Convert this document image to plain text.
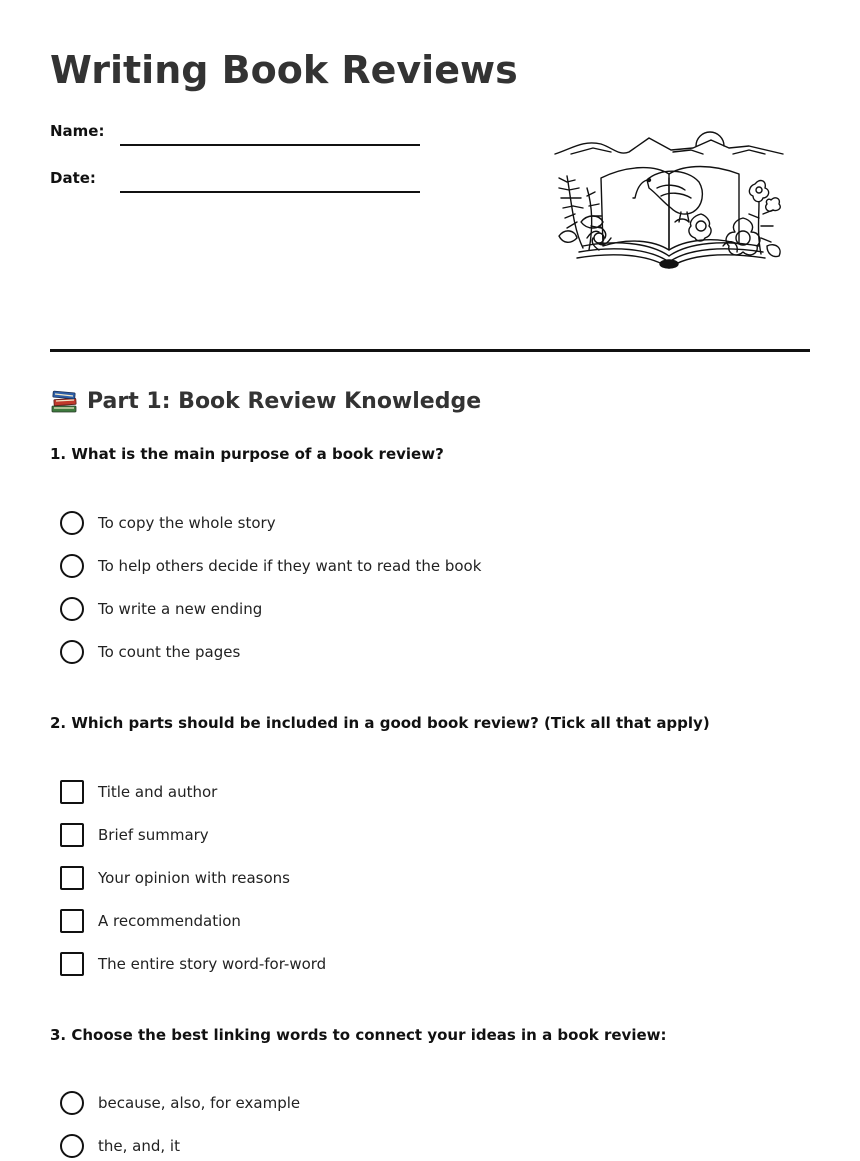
Writing Book Reviews
Name:
Date:
Part 1: Book Review Knowledge
1. What is the main purpose of a book review?
To copy the whole story
To help others decide if they want to read the book
To write a new ending
To count the pages
2. Which parts should be included in a good book review? (Tick all that apply)
Title and author
Brief summary
Your opinion with reasons
A recommendation
The entire story word-for-word
3. Choose the best linking words to connect your ideas in a book review:
because, also, for example
the, and, it
